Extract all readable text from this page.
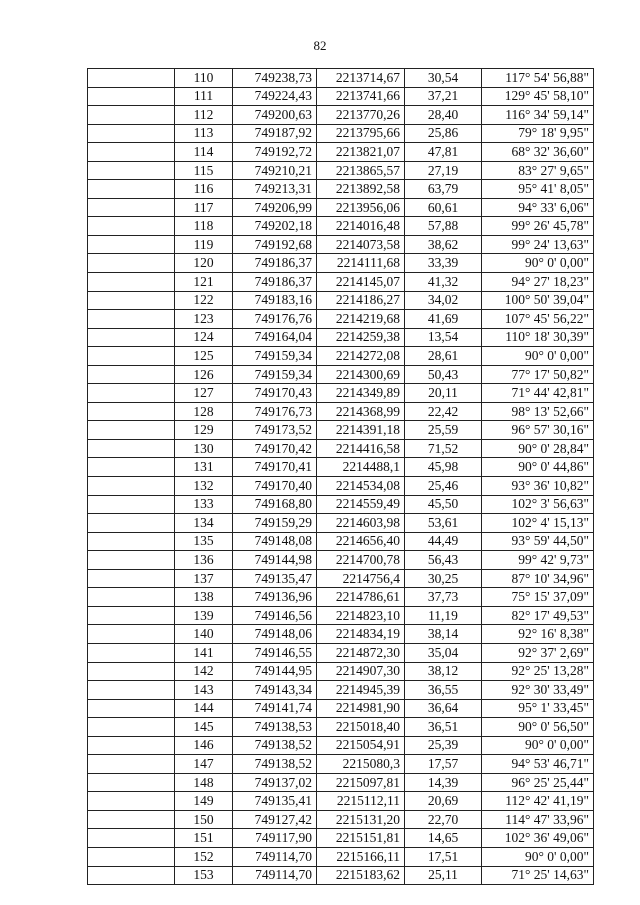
82
	110	749238,73	2213714,67	30,54	117° 54' 56,88"
	111	749224,43	2213741,66	37,21	129° 45' 58,10"
	112	749200,63	2213770,26	28,40	116° 34' 59,14"
	113	749187,92	2213795,66	25,86	79° 18' 9,95"
	114	749192,72	2213821,07	47,81	68° 32' 36,60"
	115	749210,21	2213865,57	27,19	83° 27' 9,65"
	116	749213,31	2213892,58	63,79	95° 41' 8,05"
	117	749206,99	2213956,06	60,61	94° 33' 6,06"
	118	749202,18	2214016,48	57,88	99° 26' 45,78"
	119	749192,68	2214073,58	38,62	99° 24' 13,63"
	120	749186,37	2214111,68	33,39	90° 0' 0,00"
	121	749186,37	2214145,07	41,32	94° 27' 18,23"
	122	749183,16	2214186,27	34,02	100° 50' 39,04"
	123	749176,76	2214219,68	41,69	107° 45' 56,22"
	124	749164,04	2214259,38	13,54	110° 18' 30,39"
	125	749159,34	2214272,08	28,61	90° 0' 0,00"
	126	749159,34	2214300,69	50,43	77° 17' 50,82"
	127	749170,43	2214349,89	20,11	71° 44' 42,81"
	128	749176,73	2214368,99	22,42	98° 13' 52,66"
	129	749173,52	2214391,18	25,59	96° 57' 30,16"
	130	749170,42	2214416,58	71,52	90° 0' 28,84"
	131	749170,41	2214488,1	45,98	90° 0' 44,86"
	132	749170,40	2214534,08	25,46	93° 36' 10,82"
	133	749168,80	2214559,49	45,50	102° 3' 56,63"
	134	749159,29	2214603,98	53,61	102° 4' 15,13"
	135	749148,08	2214656,40	44,49	93° 59' 44,50"
	136	749144,98	2214700,78	56,43	99° 42' 9,73"
	137	749135,47	2214756,4	30,25	87° 10' 34,96"
	138	749136,96	2214786,61	37,73	75° 15' 37,09"
	139	749146,56	2214823,10	11,19	82° 17' 49,53"
	140	749148,06	2214834,19	38,14	92° 16' 8,38"
	141	749146,55	2214872,30	35,04	92° 37' 2,69"
	142	749144,95	2214907,30	38,12	92° 25' 13,28"
	143	749143,34	2214945,39	36,55	92° 30' 33,49"
	144	749141,74	2214981,90	36,64	95° 1' 33,45"
	145	749138,53	2215018,40	36,51	90° 0' 56,50"
	146	749138,52	2215054,91	25,39	90° 0' 0,00"
	147	749138,52	2215080,3	17,57	94° 53' 46,71"
	148	749137,02	2215097,81	14,39	96° 25' 25,44"
	149	749135,41	2215112,11	20,69	112° 42' 41,19"
	150	749127,42	2215131,20	22,70	114° 47' 33,96"
	151	749117,90	2215151,81	14,65	102° 36' 49,06"
	152	749114,70	2215166,11	17,51	90° 0' 0,00"
	153	749114,70	2215183,62	25,11	71° 25' 14,63"
